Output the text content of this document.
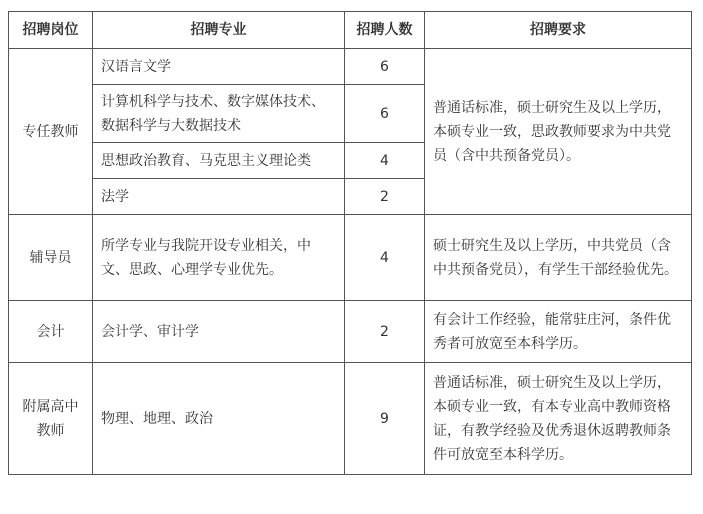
招聘岗位	招聘专业	招聘人数	招聘要求
专任教师	汉语言文学	6	普通话标准，硕士研究生及以上学历，本硕专业一致，思政教师要求为中共党员（含中共预备党员）。
	计算机科学与技术、数字媒体技术、数据科学与大数据技术	6	
	思想政治教育、马克思主义理论类	4	
	法学	2	
辅导员	所学专业与我院开设专业相关，中文、思政、心理学专业优先。	4	硕士研究生及以上学历，中共党员（含中共预备党员），有学生干部经验优先。
会计	会计学、审计学	2	有会计工作经验，能常驻庄河，条件优秀者可放宽至本科学历。
附属高中教师	物理、地理、政治	9	普通话标准，硕士研究生及以上学历，本硕专业一致，有本专业高中教师资格证，有教学经验及优秀退休返聘教师条件可放宽至本科学历。
